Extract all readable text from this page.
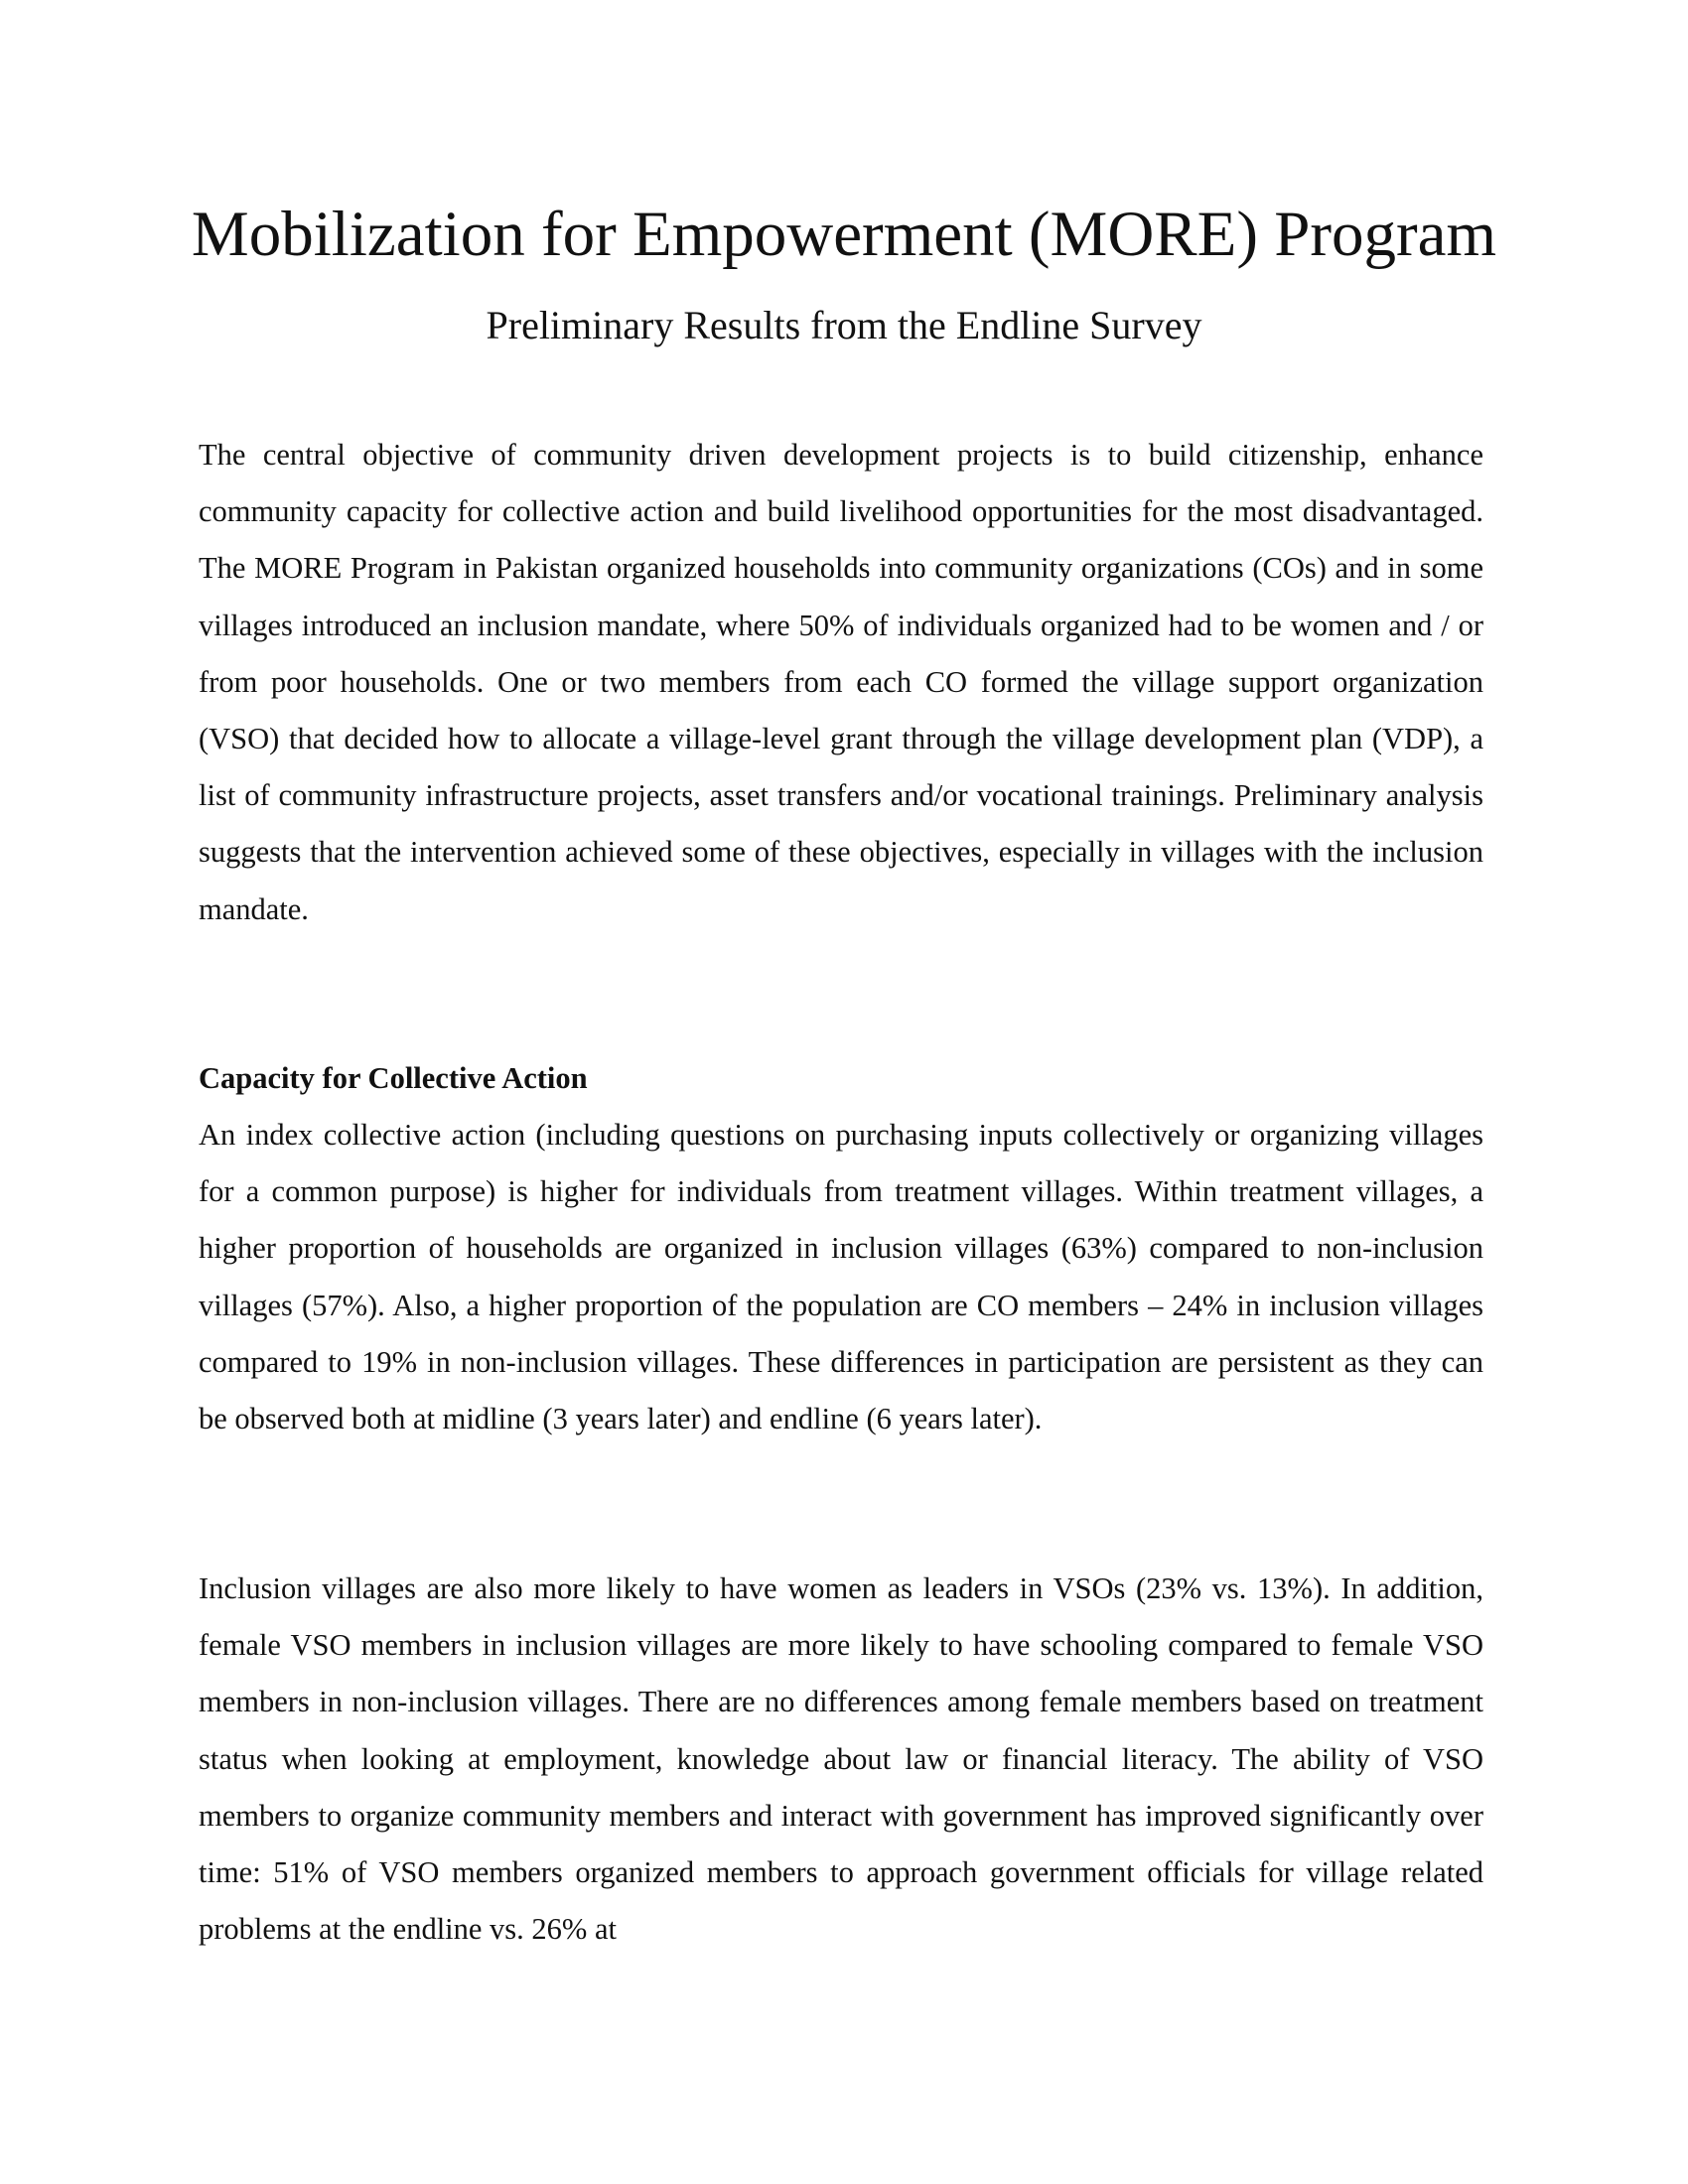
Mobilization for Empowerment (MORE) Program
Preliminary Results from the Endline Survey

The central objective of community driven development projects is to build citizenship, enhance community capacity for collective action and build livelihood opportunities for the most disadvantaged. The MORE Program in Pakistan organized households into community organizations (COs) and in some villages introduced an inclusion mandate, where 50% of individuals organized had to be women and / or from poor households. One or two members from each CO formed the village support organization (VSO) that decided how to allocate a village-level grant through the village development plan (VDP), a list of community infrastructure projects, asset transfers and/or vocational trainings. Preliminary analysis suggests that the intervention achieved some of these objectives, especially in villages with the inclusion mandate.

Capacity for Collective Action

An index collective action (including questions on purchasing inputs collectively or organizing villages for a common purpose) is higher for individuals from treatment villages. Within treatment villages, a higher proportion of households are organized in inclusion villages (63%) compared to non-inclusion villages (57%). Also, a higher proportion of the population are CO members – 24% in inclusion villages compared to 19% in non-inclusion villages. These differences in participation are persistent as they can be observed both at midline (3 years later) and endline (6 years later).

Inclusion villages are also more likely to have women as leaders in VSOs (23% vs. 13%). In addition, female VSO members in inclusion villages are more likely to have schooling compared to female VSO members in non-inclusion villages. There are no differences among female members based on treatment status when looking at employment, knowledge about law or financial literacy. The ability of VSO members to organize community members and interact with government has improved significantly over time: 51% of VSO members organized members to approach government officials for village related problems at the endline vs. 26% at
